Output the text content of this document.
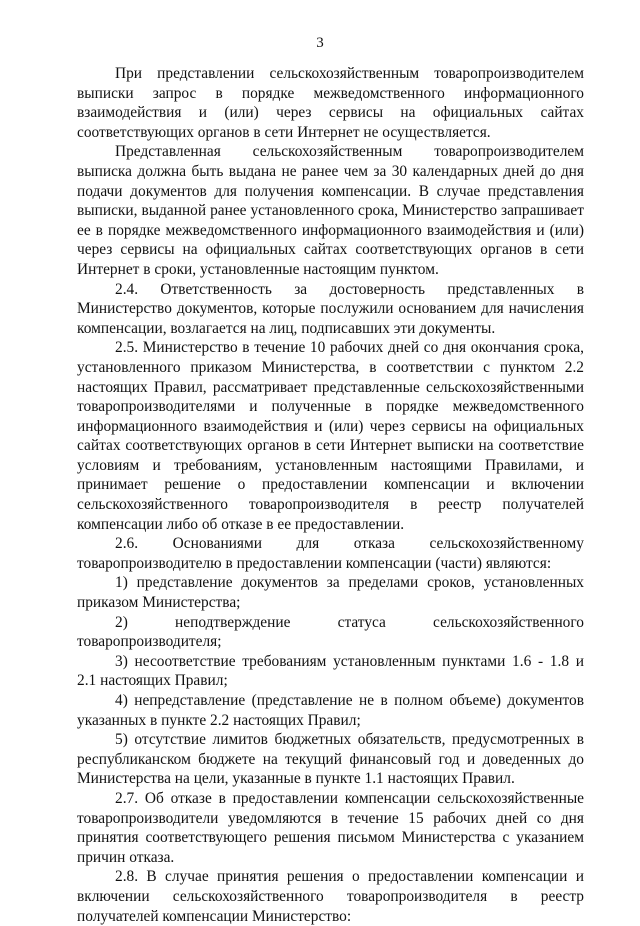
3

При представлении сельскохозяйственным товаропроизводителем выписки запрос в порядке межведомственного информационного взаимодействия и (или) через сервисы на официальных сайтах соответствующих органов в сети Интернет не осуществляется.

Представленная сельскохозяйственным товаропроизводителем выписка должна быть выдана не ранее чем за 30 календарных дней до дня подачи документов для получения компенсации. В случае представления выписки, выданной ранее установленного срока, Министерство запрашивает ее в порядке межведомственного информационного взаимодействия и (или) через сервисы на официальных сайтах соответствующих органов в сети Интернет в сроки, установленные настоящим пунктом.

2.4. Ответственность за достоверность представленных в Министерство документов, которые послужили основанием для начисления компенсации, возлагается на лиц, подписавших эти документы.

2.5. Министерство в течение 10 рабочих дней со дня окончания срока, установленного приказом Министерства, в соответствии с пунктом 2.2 настоящих Правил, рассматривает представленные сельскохозяйственными товаропроизводителями и полученные в порядке межведомственного информационного взаимодействия и (или) через сервисы на официальных сайтах соответствующих органов в сети Интернет выписки на соответствие условиям и требованиям, установленным настоящими Правилами, и принимает решение о предоставлении компенсации и включении сельскохозяйственного товаропроизводителя в реестр получателей компенсации либо об отказе в ее предоставлении.

2.6. Основаниями для отказа сельскохозяйственному товаропроизводителю в предоставлении компенсации (части) являются:

1) представление документов за пределами сроков, установленных приказом Министерства;

2) неподтверждение статуса сельскохозяйственного товаропроизводителя;

3) несоответствие требованиям установленным пунктами 1.6 - 1.8 и 2.1 настоящих Правил;

4) непредставление (представление не в полном объеме) документов указанных в пункте 2.2 настоящих Правил;

5) отсутствие лимитов бюджетных обязательств, предусмотренных в республиканском бюджете на текущий финансовый год и доведенных до Министерства на цели, указанные в пункте 1.1 настоящих Правил.

2.7. Об отказе в предоставлении компенсации сельскохозяйственные товаропроизводители уведомляются в течение 15 рабочих дней со дня принятия соответствующего решения письмом Министерства с указанием причин отказа.

2.8. В случае принятия решения о предоставлении компенсации и включении сельскохозяйственного товаропроизводителя в реестр получателей компенсации Министерство:
